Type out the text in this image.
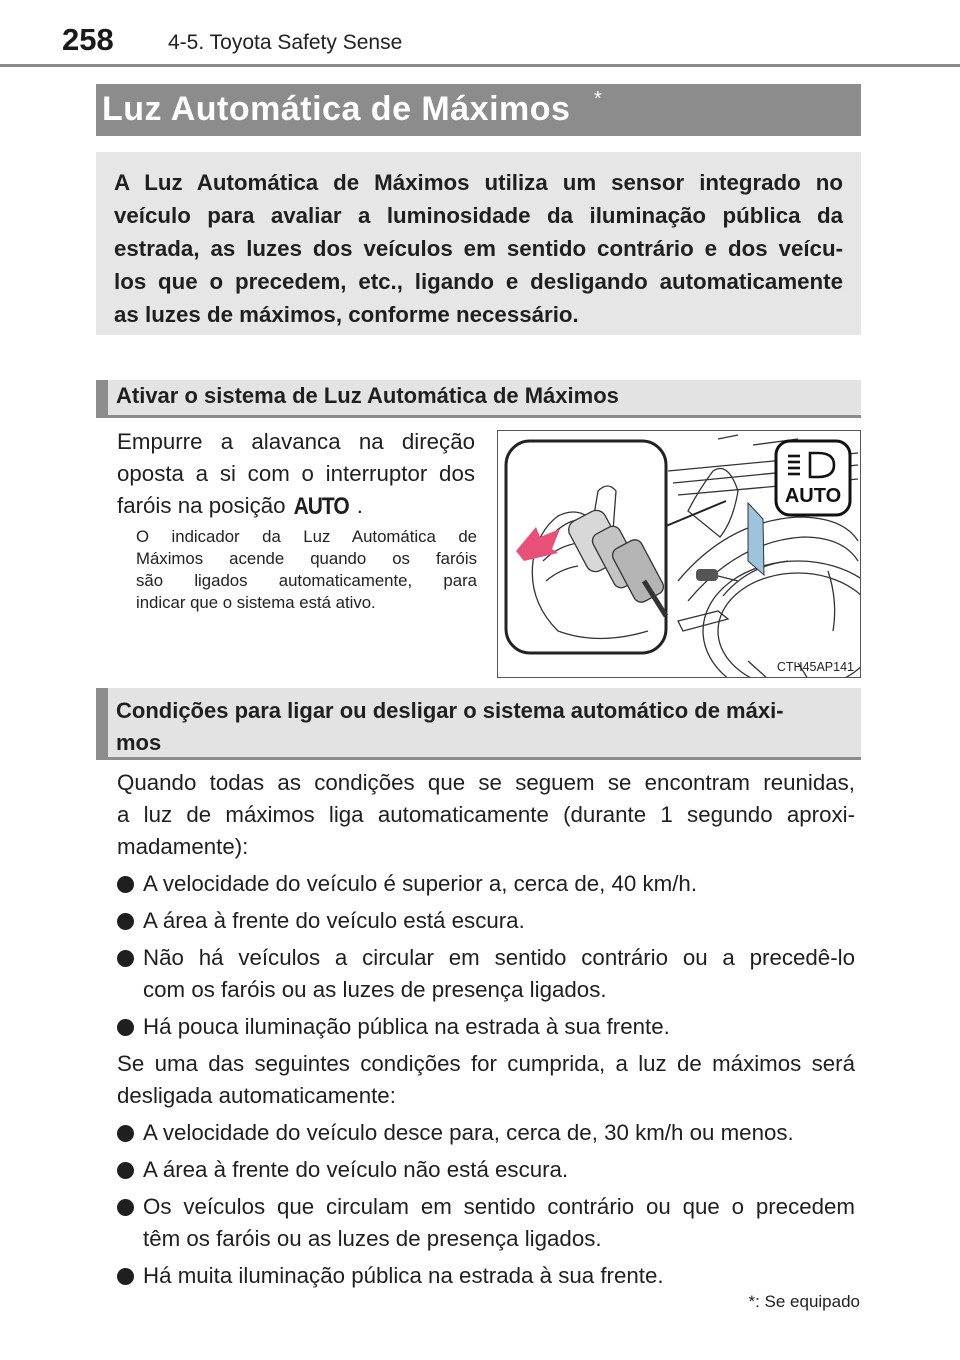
258	4-5. Toyota Safety Sense
Luz Automática de Máximos *
A Luz Automática de Máximos utiliza um sensor integrado no
veículo para avaliar a luminosidade da iluminação pública da
estrada, as luzes dos veículos em sentido contrário e dos veícu-
los que o precedem, etc., ligando e desligando automaticamente
as luzes de máximos, conforme necessário.
Ativar o sistema de Luz Automática de Máximos
Empurre a alavanca na direção
oposta a si com o interruptor dos
faróis na posição AUTO .
O indicador da Luz Automática de
Máximos acende quando os faróis
são ligados automaticamente, para
indicar que o sistema está ativo.
AUTO
CTH45AP141
Condições para ligar ou desligar o sistema automático de máxi-
mos
Quando todas as condições que se seguem se encontram reunidas,
a luz de máximos liga automaticamente (durante 1 segundo aproxi-
madamente):
A velocidade do veículo é superior a, cerca de, 40 km/h.
A área à frente do veículo está escura.
Não há veículos a circular em sentido contrário ou a precedê-lo
com os faróis ou as luzes de presença ligados.
Há pouca iluminação pública na estrada à sua frente.
Se uma das seguintes condições for cumprida, a luz de máximos será
desligada automaticamente:
A velocidade do veículo desce para, cerca de, 30 km/h ou menos.
A área à frente do veículo não está escura.
Os veículos que circulam em sentido contrário ou que o precedem
têm os faróis ou as luzes de presença ligados.
Há muita iluminação pública na estrada à sua frente.
*: Se equipado
